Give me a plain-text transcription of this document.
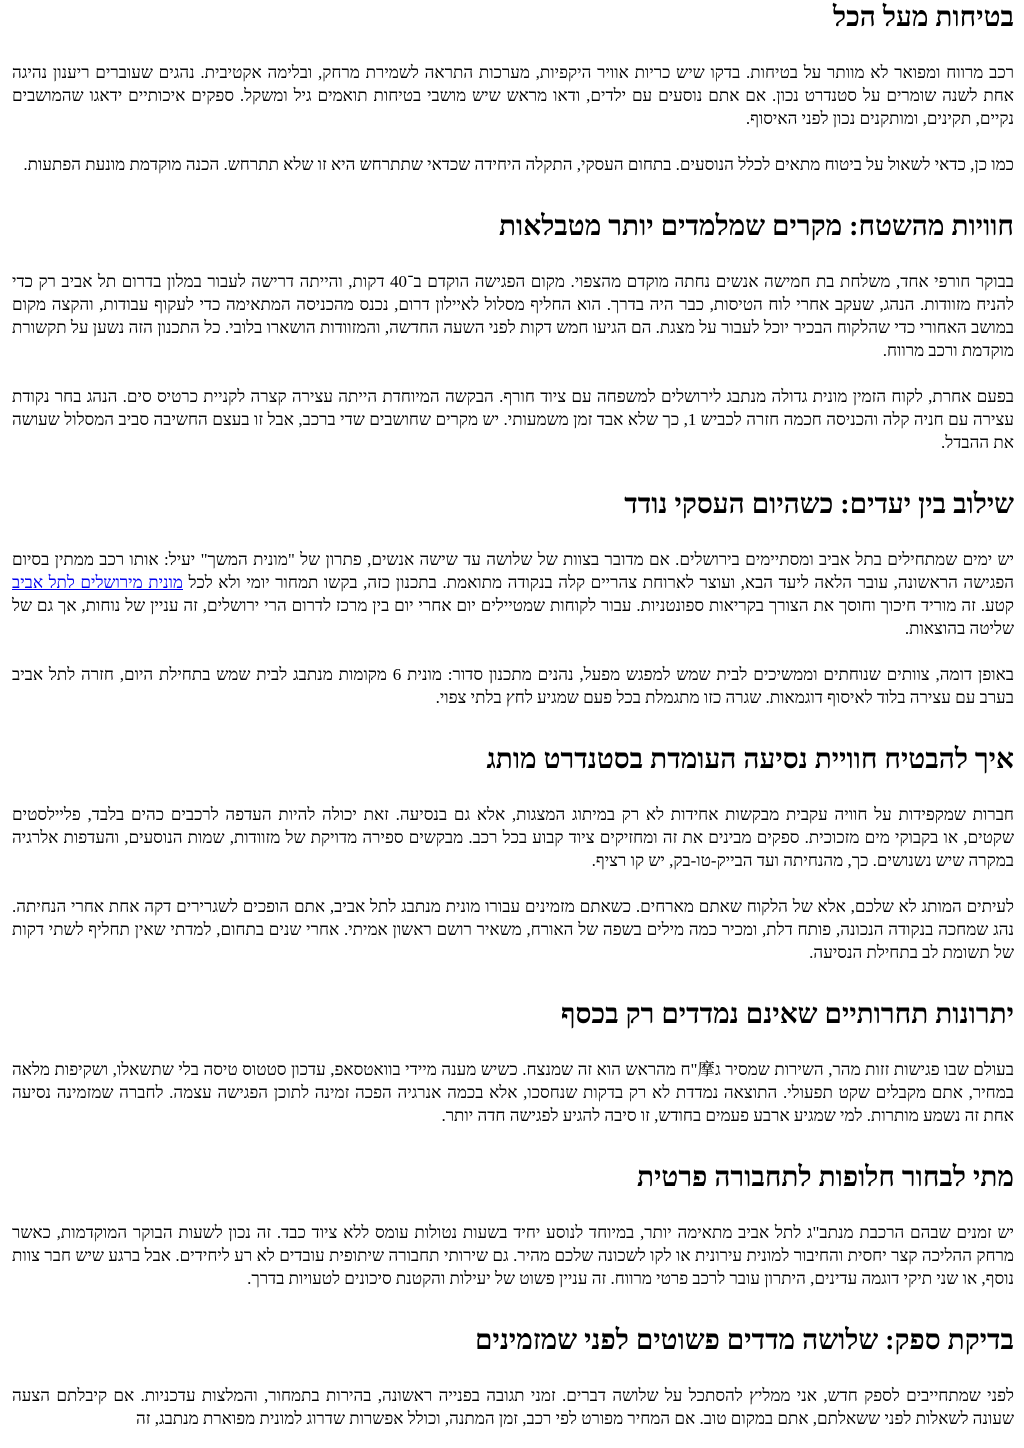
בטיחות מעל הכל

רכב מרווח ומפואר לא מוותר על בטיחות. בדקו שיש כריות אוויר היקפיות, מערכות התראה לשמירת מרחק, ובלימה אקטיבית. נהגים שעוברים ריענון נהיגה אחת לשנה שומרים על סטנדרט נכון. אם אתם נוסעים עם ילדים, ודאו מראש שיש מושבי בטיחות תואמים גיל ומשקל. ספקים איכותיים ידאגו שהמושבים נקיים, תקינים, ומותקנים נכון לפני האיסוף.

כמו כן, כדאי לשאול על ביטוח מתאים לכלל הנוסעים. בתחום העסקי, התקלה היחידה שכדאי שתתרחש היא זו שלא תתרחש. הכנה מוקדמת מונעת הפתעות.

חוויות מהשטח: מקרים שמלמדים יותר מטבלאות

בבוקר חורפי אחד, משלחת בת חמישה אנשים נחתה מוקדם מהצפוי. מקום הפגישה הוקדם ב־40 דקות, והייתה דרישה לעבור במלון בדרום תל אביב רק כדי להניח מזוודות. הנהג, שעקב אחרי לוח הטיסות, כבר היה בדרך. הוא החליף מסלול לאיילון דרום, נכנס מהכניסה המתאימה כדי לעקוף עבודות, והקצה מקום במושב האחורי כדי שהלקוח הבכיר יוכל לעבור על מצגת. הם הגיעו חמש דקות לפני השעה החדשה, והמזוודות הושארו בלובי. כל התכנון הזה נשען על תקשורת מוקדמת ורכב מרווח.

בפעם אחרת, לקוח הזמין מונית גדולה מנתבג לירושלים למשפחה עם ציוד חורף. הבקשה המיוחדת הייתה עצירה קצרה לקניית כרטיס סים. הנהג בחר נקודת עצירה עם חניה קלה והכניסה חכמה חזרה לכביש 1, כך שלא אבד זמן משמעותי. יש מקרים שחושבים שדי ברכב, אבל זו בעצם החשיבה סביב המסלול שעושה את ההבדל.

שילוב בין יעדים: כשהיום העסקי נודד

יש ימים שמתחילים בתל אביב ומסתיימים בירושלים. אם מדובר בצוות של שלושה עד שישה אנשים, פתרון של "מונית המשך" יעיל: אותו רכב ממתין בסיום הפגישה הראשונה, עובר הלאה ליעד הבא, ועוצר לארוחת צהריים קלה בנקודה מתואמת. בתכנון כזה, בקשו תמחור יומי ולא לכל מונית מירושלים לתל אביב קטע. זה מוריד חיכוך וחוסך את הצורך בקריאות ספונטניות. עבור לקוחות שמטיילים יום אחרי יום בין מרכז לדרום הרי ירושלים, זה עניין של נוחות, אך גם של שליטה בהוצאות.

באופן דומה, צוותים שנוחתים וממשיכים לבית שמש למפגש מפעל, נהנים מתכנון סדור: מונית 6 מקומות מנתבג לבית שמש בתחילת היום, חזרה לתל אביב בערב עם עצירה בלוד לאיסוף דוגמאות. שגרה כזו מתגמלת בכל פעם שמגיע לחץ בלתי צפוי.

איך להבטיח חוויית נסיעה העומדת בסטנדרט מותג

חברות שמקפידות על חוויה עקבית מבקשות אחידות לא רק במיתוג המצגות, אלא גם בנסיעה. זאת יכולה להיות העדפה לרכבים כהים בלבד, פליילסטים שקטים, או בקבוקי מים מזכוכית. ספקים מבינים את זה ומחזיקים ציוד קבוע בכל רכב. מבקשים ספירה מדויקת של מזוודות, שמות הנוסעים, והעדפות אלרגיה במקרה שיש נשנושים. כך, מהנחיתה ועד הבייק-טו-בק, יש קו רציף.

לעיתים המותג לא שלכם, אלא של הלקוח שאתם מארחים. כשאתם מזמינים עבורו מונית מנתבג לתל אביב, אתם הופכים לשגרירים דקה אחת אחרי הנחיתה. נהג שמחכה בנקודה הנכונה, פותח דלת, ומכיר כמה מילים בשפה של האורח, משאיר רושם ראשון אמיתי. אחרי שנים בתחום, למדתי שאין תחליף לשתי דקות של תשומת לב בתחילת הנסיעה.

יתרונות תחרותיים שאינם נמדדים רק בכסף

בעולם שבו פגישות זזות מהר, השירות שמסיר ג摩"ח מהראש הוא זה שמנצח. כשיש מענה מיידי בוואטסאפ, עדכון סטטוס טיסה בלי שתשאלו, ושקיפות מלאה במחיר, אתם מקבלים שקט תפעולי. התוצאה נמדדת לא רק בדקות שנחסכו, אלא בכמה אנרגיה הפכה זמינה לתוכן הפגישה עצמה. לחברה שמזמינה נסיעה אחת זה נשמע מותרות. למי שמגיע ארבע פעמים בחודש, זו סיבה להגיע לפגישה חדה יותר.

מתי לבחור חלופות לתחבורה פרטית

יש זמנים שבהם הרכבת מנתב"ג לתל אביב מתאימה יותר, במיוחד לנוסע יחיד בשעות נטולות עומס ללא ציוד כבד. זה נכון לשעות הבוקר המוקדמות, כאשר מרחק ההליכה קצר יחסית והחיבור למונית עירונית או לקו לשכונה שלכם מהיר. גם שירותי תחבורה שיתופית עובדים לא רע ליחידים. אבל ברגע שיש חבר צוות נוסף, או שני תיקי דוגמה עדינים, היתרון עובר לרכב פרטי מרווח. זה עניין פשוט של יעילות והקטנת סיכונים לטעויות בדרך.

בדיקת ספק: שלושה מדדים פשוטים לפני שמזמינים

לפני שמתחייבים לספק חדש, אני ממליץ להסתכל על שלושה דברים. זמני תגובה בפנייה ראשונה, בהירות בתמחור, והמלצות עדכניות. אם קיבלתם הצעה שעונה לשאלות לפני ששאלתם, אתם במקום טוב. אם המחיר מפורט לפי רכב, זמן המתנה, וכולל אפשרות שדרוג למונית מפוארת מנתבג, זה
